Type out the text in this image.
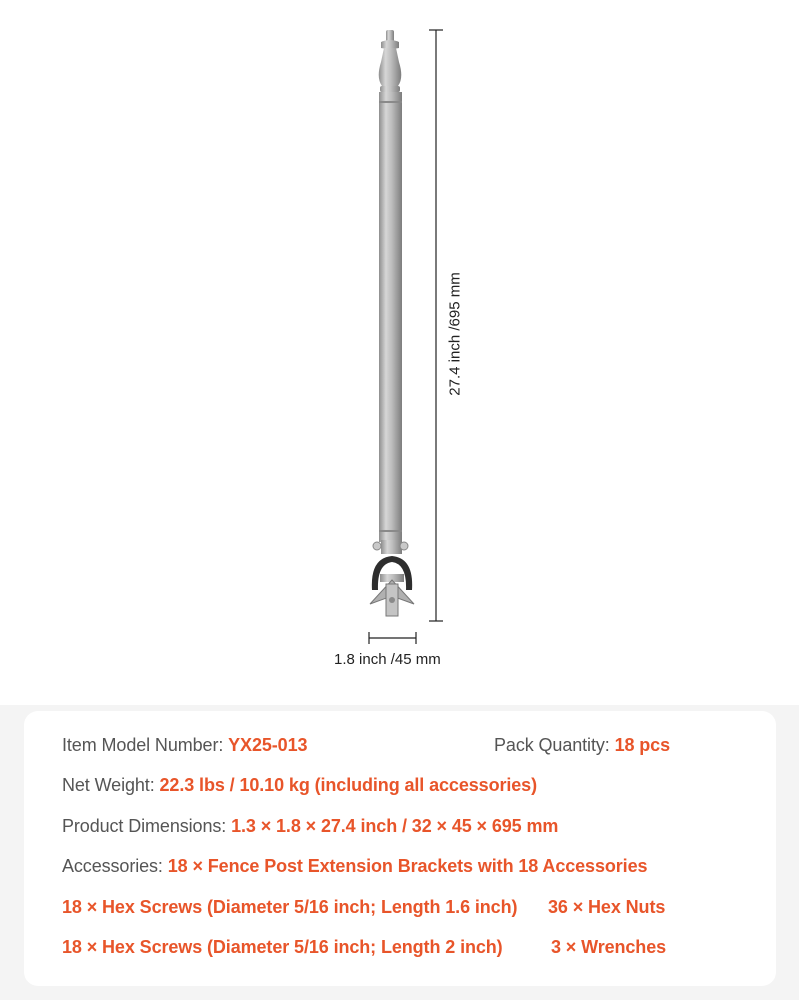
27.4 inch /695 mm
1.8 inch /45 mm
Item Model Number: YX25-013	Pack Quantity: 18 pcs
Net Weight: 22.3 lbs / 10.10 kg (including all accessories)
Product Dimensions: 1.3 × 1.8 × 27.4 inch / 32 × 45 × 695 mm
Accessories: 18 × Fence Post Extension Brackets with 18 Accessories
18 × Hex Screws (Diameter 5/16 inch; Length 1.6 inch) 36 × Hex Nuts
18 × Hex Screws (Diameter 5/16 inch; Length 2 inch)	3 × Wrenches
